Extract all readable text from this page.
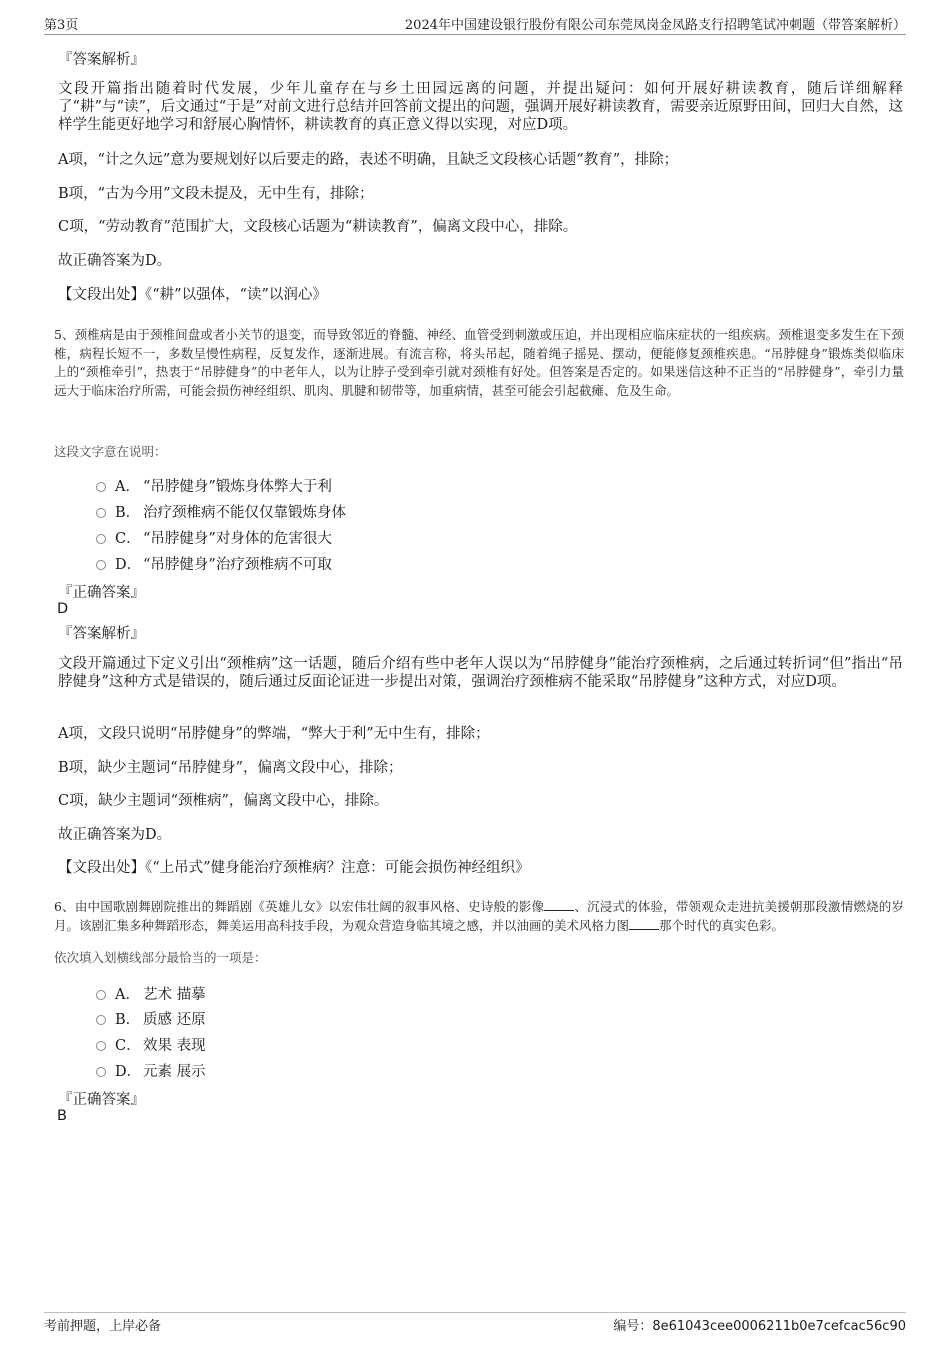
第3页	2024年中国建设银行股份有限公司东莞凤岗金凤路支行招聘笔试冲刺题（带答案解析）
『答案解析』
文段开篇指出随着时代发展，少年儿童存在与乡土田园远离的问题，并提出疑问：如何开展好耕读教育，随后详细解释了“耕”与“读”，后文通过“于是”对前文进行总结并回答前文提出的问题，强调开展好耕读教育，需要亲近原野田间，回归大自然，这样学生能更好地学习和舒展心胸情怀，耕读教育的真正意义得以实现，对应D项。
A项，“计之久远”意为要规划好以后要走的路，表述不明确，且缺乏文段核心话题“教育”，排除；
B项，“古为今用”文段未提及，无中生有，排除；
C项，“劳动教育”范围扩大，文段核心话题为“耕读教育”，偏离文段中心，排除。
故正确答案为D。
【文段出处】《“耕”以强体，“读”以润心》
5、颈椎病是由于颈椎间盘或者小关节的退变，而导致邻近的脊髓、神经、血管受到刺激或压迫，并出现相应临床症状的一组疾病。颈椎退变多发生在下颈椎，病程长短不一，多数呈慢性病程，反复发作，逐渐进展。有流言称，将头吊起，随着绳子摇晃、摆动，便能修复颈椎疾患。“吊脖健身”锻炼类似临床上的“颈椎牵引”，热衷于“吊脖健身”的中老年人，以为让脖子受到牵引就对颈椎有好处。但答案是否定的。如果迷信这种不正当的“吊脖健身”，牵引力量远大于临床治疗所需，可能会损伤神经组织、肌肉、肌腱和韧带等，加重病情，甚至可能会引起截瘫、危及生命。
这段文字意在说明：
A． “吊脖健身”锻炼身体弊大于利
B． 治疗颈椎病不能仅仅靠锻炼身体
C． “吊脖健身”对身体的危害很大
D． “吊脖健身”治疗颈椎病不可取
『正确答案』
D
『答案解析』
文段开篇通过下定义引出“颈椎病”这一话题，随后介绍有些中老年人误以为“吊脖健身”能治疗颈椎病，之后通过转折词“但”指出“吊脖健身”这种方式是错误的，随后通过反面论证进一步提出对策，强调治疗颈椎病不能采取“吊脖健身”这种方式，对应D项。
A项，文段只说明“吊脖健身”的弊端，“弊大于利”无中生有，排除；
B项，缺少主题词“吊脖健身”，偏离文段中心，排除；
C项，缺少主题词“颈椎病”，偏离文段中心，排除。
故正确答案为D。
【文段出处】《“上吊式”健身能治疗颈椎病？注意：可能会损伤神经组织》
6、由中国歌剧舞剧院推出的舞蹈剧《英雄儿女》以宏伟壮阔的叙事风格、史诗般的影像 、沉浸式的体验，带领观众走进抗美援朝那段激情燃烧的岁月。该剧汇集多种舞蹈形态，舞美运用高科技手段，为观众营造身临其境之感，并以油画的美术风格力图 那个时代的真实色彩。
依次填入划横线部分最恰当的一项是：
A． 艺术 描摹
B． 质感 还原
C． 效果 表现
D． 元素 展示
『正确答案』
B
考前押题，上岸必备	编号：8e61043cee0006211b0e7cefcac56c90
